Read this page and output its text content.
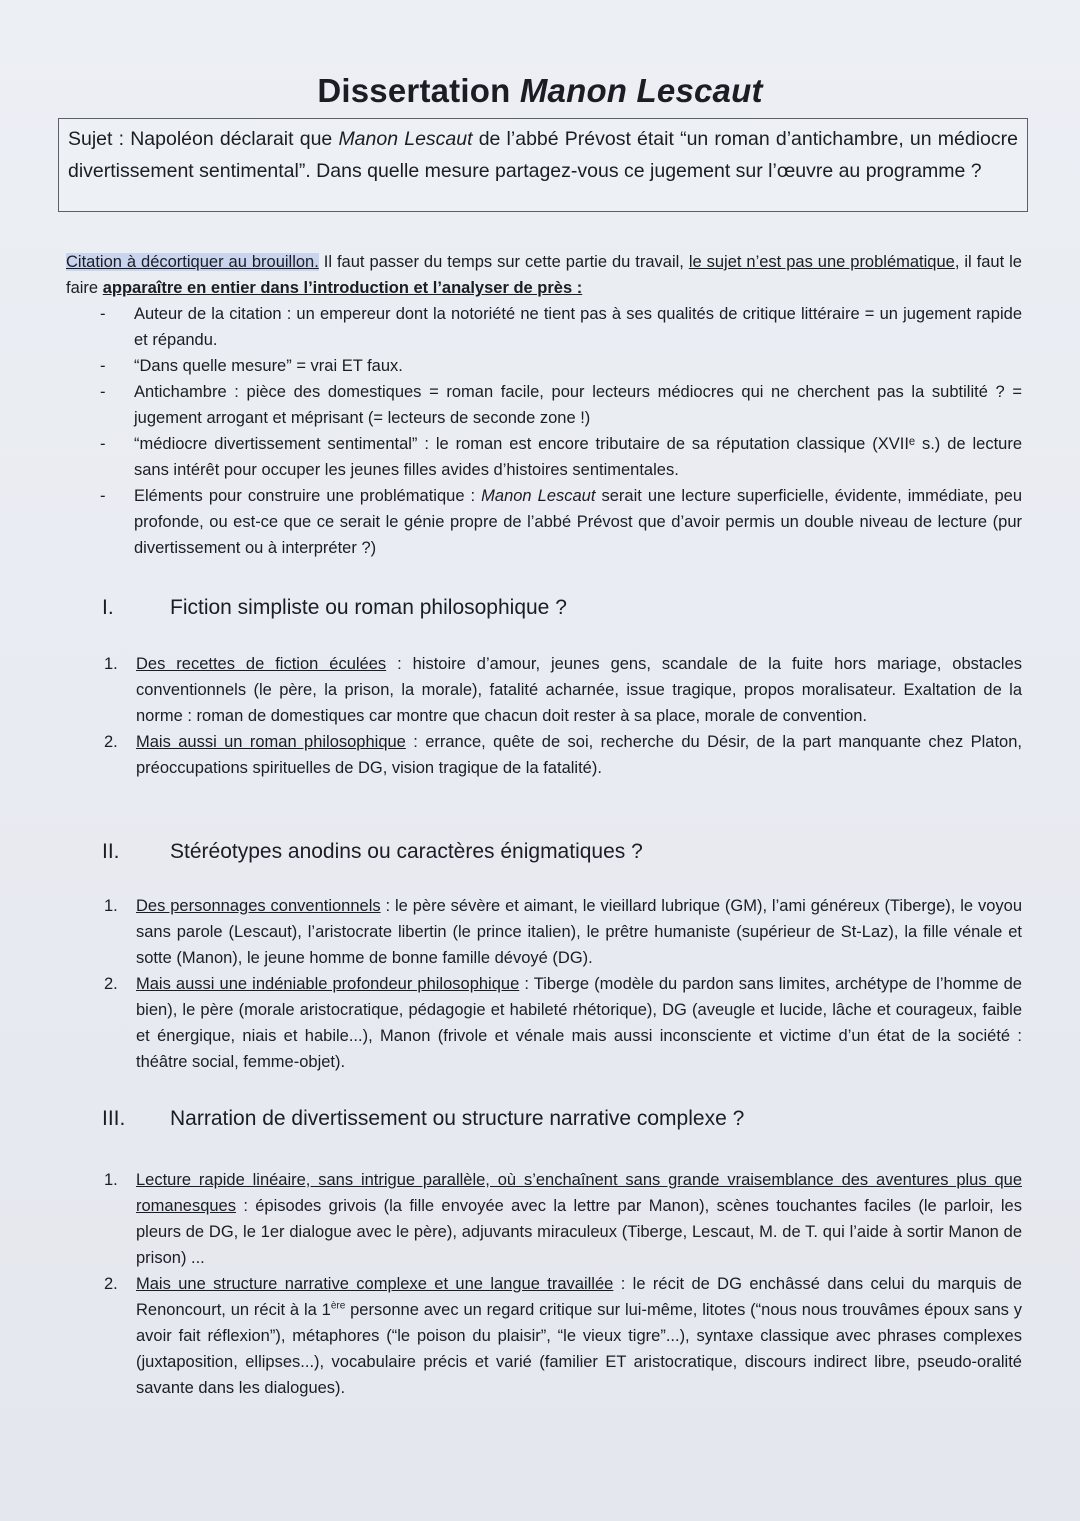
Dissertation Manon Lescaut
Sujet : Napoléon déclarait que Manon Lescaut de l’abbé Prévost était “un roman d’antichambre, un médiocre divertissement sentimental”. Dans quelle mesure partagez-vous ce jugement sur l’œuvre au programme ?
Citation à décortiquer au brouillon. Il faut passer du temps sur cette partie du travail, le sujet n’est pas une problématique, il faut le faire apparaître en entier dans l’introduction et l’analyser de près :
- Auteur de la citation : un empereur dont la notoriété ne tient pas à ses qualités de critique littéraire = un jugement rapide et répandu.
- “Dans quelle mesure” = vrai ET faux.
- Antichambre : pièce des domestiques = roman facile, pour lecteurs médiocres qui ne cherchent pas la subtilité ? = jugement arrogant et méprisant (= lecteurs de seconde zone !)
- “médiocre divertissement sentimental” : le roman est encore tributaire de sa réputation classique (XVIIᵉ s.) de lecture sans intérêt pour occuper les jeunes filles avides d’histoires sentimentales.
- Eléments pour construire une problématique : Manon Lescaut serait une lecture superficielle, évidente, immédiate, peu profonde, ou est-ce que ce serait le génie propre de l’abbé Prévost que d’avoir permis un double niveau de lecture (pur divertissement ou à interpréter ?)
I.	Fiction simpliste ou roman philosophique ?
1. Des recettes de fiction éculées : histoire d’amour, jeunes gens, scandale de la fuite hors mariage, obstacles conventionnels (le père, la prison, la morale), fatalité acharnée, issue tragique, propos moralisateur. Exaltation de la norme : roman de domestiques car montre que chacun doit rester à sa place, morale de convention.
2. Mais aussi un roman philosophique : errance, quête de soi, recherche du Désir, de la part manquante chez Platon, préoccupations spirituelles de DG, vision tragique de la fatalité).
II. Stéréotypes anodins ou caractères énigmatiques ?
1. Des personnages conventionnels : le père sévère et aimant, le vieillard lubrique (GM), l’ami généreux (Tiberge), le voyou sans parole (Lescaut), l’aristocrate libertin (le prince italien), le prêtre humaniste (supérieur de St-Laz), la fille vénale et sotte (Manon), le jeune homme de bonne famille dévoyé (DG).
2. Mais aussi une indéniable profondeur philosophique : Tiberge (modèle du pardon sans limites, archétype de l’homme de bien), le père (morale aristocratique, pédagogie et habileté rhétorique), DG (aveugle et lucide, lâche et courageux, faible et énergique, niais et habile...), Manon (frivole et vénale mais aussi inconsciente et victime d’un état de la société : théâtre social, femme-objet).
III. Narration de divertissement ou structure narrative complexe ?
1. Lecture rapide linéaire, sans intrigue parallèle, où s’enchaînent sans grande vraisemblance des aventures plus que romanesques : épisodes grivois (la fille envoyée avec la lettre par Manon), scènes touchantes faciles (le parloir, les pleurs de DG, le 1er dialogue avec le père), adjuvants miraculeux (Tiberge, Lescaut, M. de T. qui l’aide à sortir Manon de prison) ...
2. Mais une structure narrative complexe et une langue travaillée : le récit de DG enchâssé dans celui du marquis de Renoncourt, un récit à la 1ère personne avec un regard critique sur lui-même, litotes (“nous nous trouvâmes époux sans y avoir fait réflexion”), métaphores (“le poison du plaisir”, “le vieux tigre”...), syntaxe classique avec phrases complexes (juxtaposition, ellipses...), vocabulaire précis et varié (familier ET aristocratique, discours indirect libre, pseudo-oralité savante dans les dialogues).
